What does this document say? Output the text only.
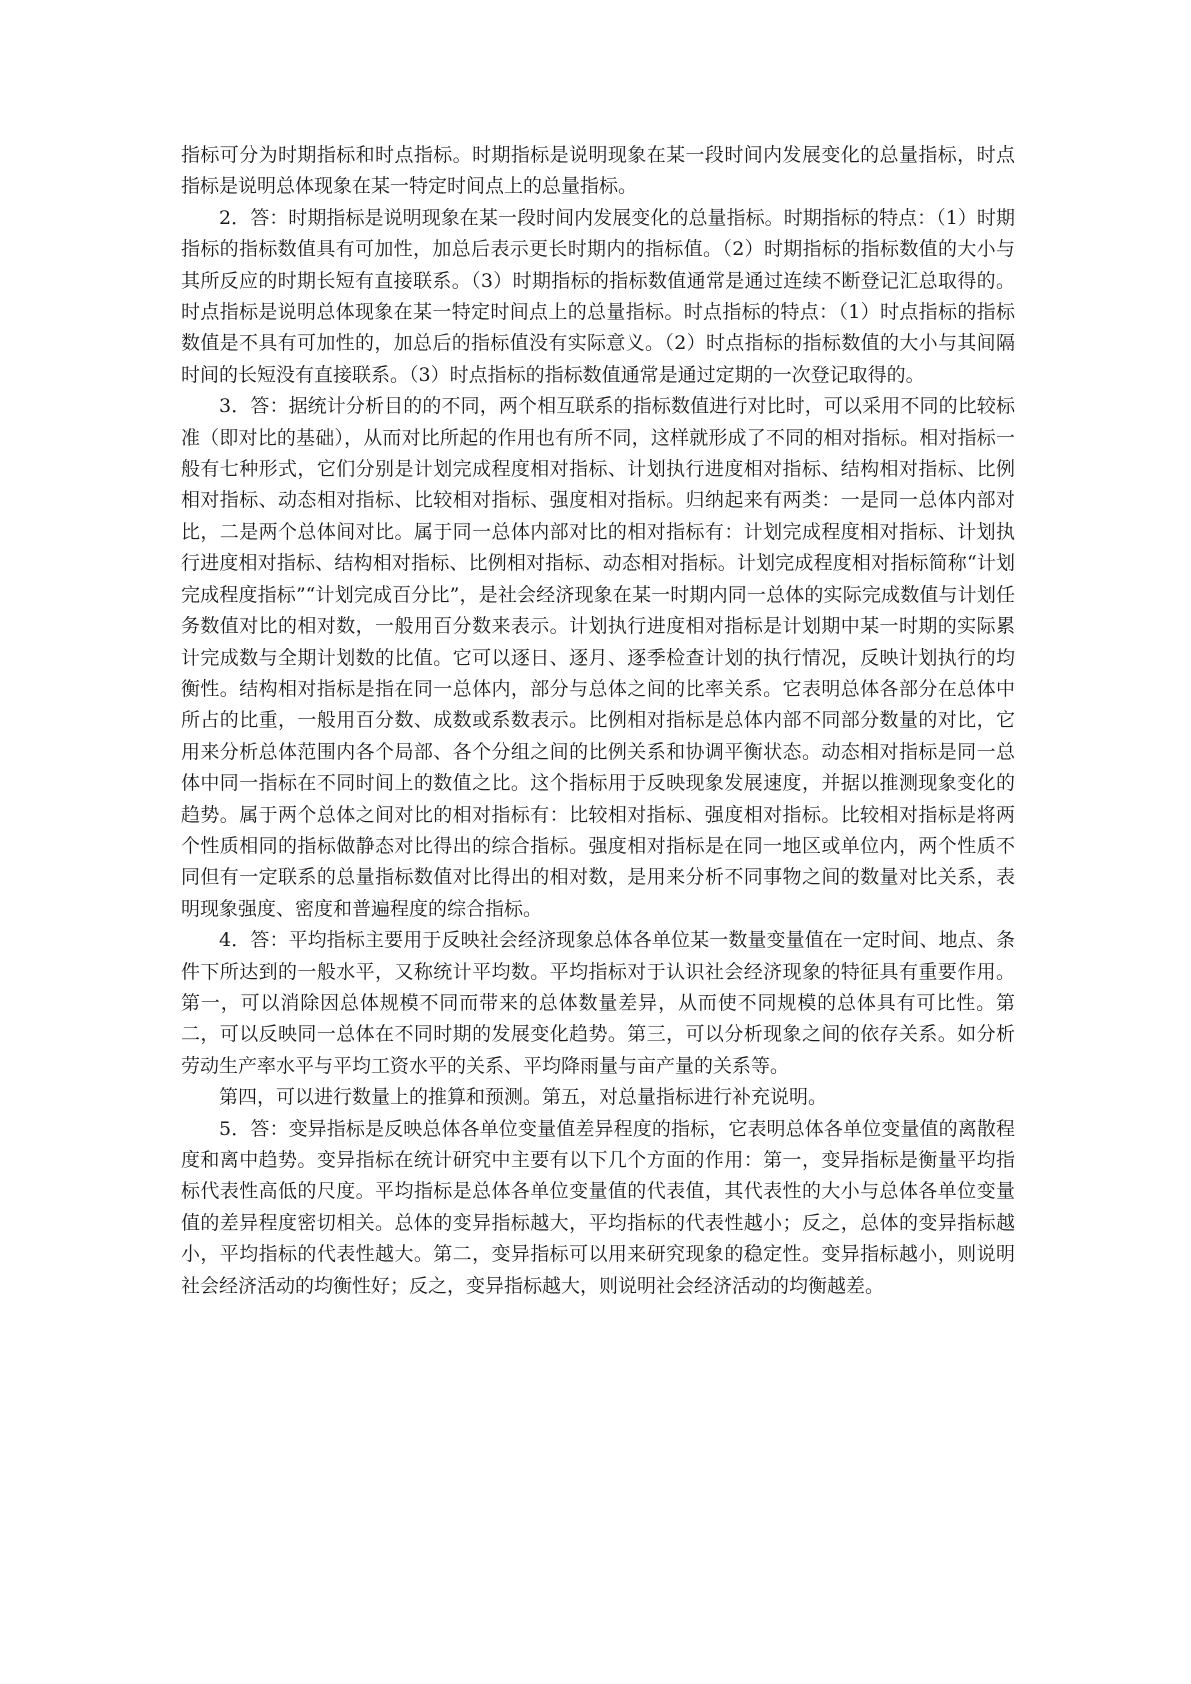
指标可分为时期指标和时点指标。时期指标是说明现象在某一段时间内发展变化的总量指标，时点指标是说明总体现象在某一特定时间点上的总量指标。

2．答：时期指标是说明现象在某一段时间内发展变化的总量指标。时期指标的特点：（1）时期指标的指标数值具有可加性，加总后表示更长时期内的指标值。（2）时期指标的指标数值的大小与其所反应的时期长短有直接联系。（3）时期指标的指标数值通常是通过连续不断登记汇总取得的。时点指标是说明总体现象在某一特定时间点上的总量指标。时点指标的特点：（1）时点指标的指标数值是不具有可加性的，加总后的指标值没有实际意义。（2）时点指标的指标数值的大小与其间隔时间的长短没有直接联系。（3）时点指标的指标数值通常是通过定期的一次登记取得的。

3．答：据统计分析目的的不同，两个相互联系的指标数值进行对比时，可以采用不同的比较标准（即对比的基础），从而对比所起的作用也有所不同，这样就形成了不同的相对指标。相对指标一般有七种形式，它们分别是计划完成程度相对指标、计划执行进度相对指标、结构相对指标、比例相对指标、动态相对指标、比较相对指标、强度相对指标。归纳起来有两类：一是同一总体内部对比，二是两个总体间对比。属于同一总体内部对比的相对指标有：计划完成程度相对指标、计划执行进度相对指标、结构相对指标、比例相对指标、动态相对指标。计划完成程度相对指标简称“计划完成程度指标”“计划完成百分比”，是社会经济现象在某一时期内同一总体的实际完成数值与计划任务数值对比的相对数，一般用百分数来表示。计划执行进度相对指标是计划期中某一时期的实际累计完成数与全期计划数的比值。它可以逐日、逐月、逐季检查计划的执行情况，反映计划执行的均衡性。结构相对指标是指在同一总体内，部分与总体之间的比率关系。它表明总体各部分在总体中所占的比重，一般用百分数、成数或系数表示。比例相对指标是总体内部不同部分数量的对比，它用来分析总体范围内各个局部、各个分组之间的比例关系和协调平衡状态。动态相对指标是同一总体中同一指标在不同时间上的数值之比。这个指标用于反映现象发展速度，并据以推测现象变化的趋势。属于两个总体之间对比的相对指标有：比较相对指标、强度相对指标。比较相对指标是将两个性质相同的指标做静态对比得出的综合指标。强度相对指标是在同一地区或单位内，两个性质不同但有一定联系的总量指标数值对比得出的相对数，是用来分析不同事物之间的数量对比关系，表明现象强度、密度和普遍程度的综合指标。

4．答：平均指标主要用于反映社会经济现象总体各单位某一数量变量值在一定时间、地点、条件下所达到的一般水平，又称统计平均数。平均指标对于认识社会经济现象的特征具有重要作用。第一，可以消除因总体规模不同而带来的总体数量差异，从而使不同规模的总体具有可比性。第二，可以反映同一总体在不同时期的发展变化趋势。第三，可以分析现象之间的依存关系。如分析劳动生产率水平与平均工资水平的关系、平均降雨量与亩产量的关系等。

第四，可以进行数量上的推算和预测。第五，对总量指标进行补充说明。

5．答：变异指标是反映总体各单位变量值差异程度的指标，它表明总体各单位变量值的离散程度和离中趋势。变异指标在统计研究中主要有以下几个方面的作用：第一，变异指标是衡量平均指标代表性高低的尺度。平均指标是总体各单位变量值的代表值，其代表性的大小与总体各单位变量值的差异程度密切相关。总体的变异指标越大，平均指标的代表性越小；反之，总体的变异指标越小，平均指标的代表性越大。第二，变异指标可以用来研究现象的稳定性。变异指标越小，则说明社会经济活动的均衡性好；反之，变异指标越大，则说明社会经济活动的均衡越差。
